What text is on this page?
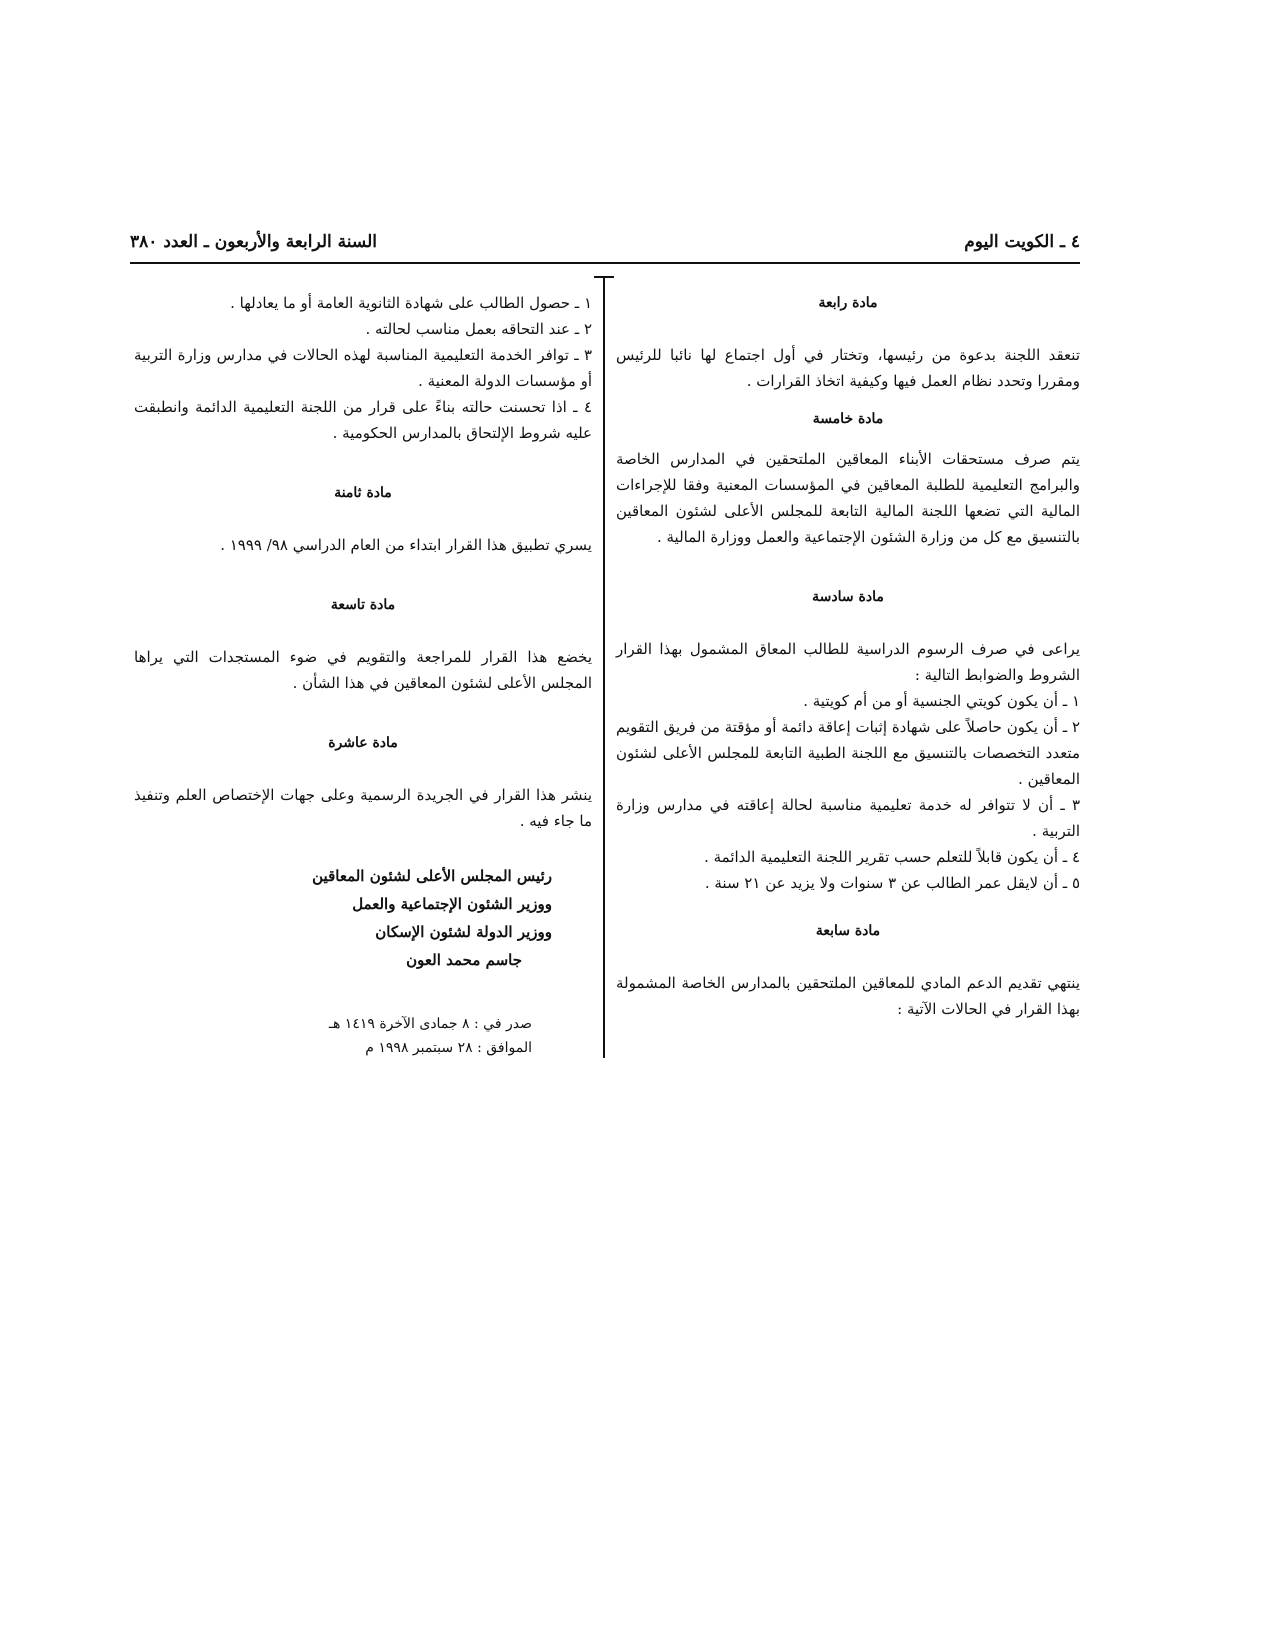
٤ ـ الكويت اليوم
السنة الرابعة والأربعون ـ العدد ٣٨٠
مادة رابعة

تنعقد اللجنة بدعوة من رئيسها، وتختار في أول اجتماع لها نائبا للرئيس ومقررا وتحدد نظام العمل فيها وكيفية اتخاذ القرارات .

مادة خامسة

يتم صرف مستحقات الأبناء المعاقين الملتحقين في المدارس الخاصة والبرامج التعليمية للطلبة المعاقين في المؤسسات المعنية وفقا للإجراءات المالية التي تضعها اللجنة المالية التابعة للمجلس الأعلى لشئون المعاقين بالتنسيق مع كل من وزارة الشئون الإجتماعية والعمل ووزارة المالية .

مادة سادسة

يراعى في صرف الرسوم الدراسية للطالب المعاق المشمول بهذا القرار الشروط والضوابط التالية :

١ ـ أن يكون كويتي الجنسية أو من أم كويتية .

٢ ـ أن يكون حاصلاً على شهادة إثبات إعاقة دائمة أو مؤقتة من فريق التقويم متعدد التخصصات بالتنسيق مع اللجنة الطبية التابعة للمجلس الأعلى لشئون المعاقين .

٣ ـ أن لا تتوافر له خدمة تعليمية مناسبة لحالة إعاقته في مدارس وزارة التربية .

٤ ـ أن يكون قابلاً للتعلم حسب تقرير اللجنة التعليمية الدائمة .

٥ ـ أن لايقل عمر الطالب عن ٣ سنوات ولا يزيد عن ٢١ سنة .

مادة سابعة

ينتهي تقديم الدعم المادي للمعاقين الملتحقين بالمدارس الخاصة المشمولة بهذا القرار في الحالات الآتية :

١ ـ حصول الطالب على شهادة الثانوية العامة أو ما يعادلها .

٢ ـ عند التحاقه بعمل مناسب لحالته .

٣ ـ توافر الخدمة التعليمية المناسبة لهذه الحالات في مدارس وزارة التربية أو مؤسسات الدولة المعنية .

٤ ـ اذا تحسنت حالته بناءً على قرار من اللجنة التعليمية الدائمة وانطبقت عليه شروط الإلتحاق بالمدارس الحكومية .

مادة ثامنة

يسري تطبيق هذا القرار ابتداء من العام الدراسي ٩٨/ ١٩٩٩ .

مادة تاسعة

يخضع هذا القرار للمراجعة والتقويم في ضوء المستجدات التي يراها المجلس الأعلى لشئون المعاقين في هذا الشأن .

مادة عاشرة

ينشر هذا القرار في الجريدة الرسمية وعلى جهات الإختصاص العلم وتنفيذ ما جاء فيه .

رئيس المجلس الأعلى لشئون المعاقين
ووزير الشئون الإجتماعية والعمل
ووزير الدولة لشئون الإسكان
جاسم محمد العون
صدر في : ٨ جمادى الآخرة ١٤١٩ هـ
الموافق : ٢٨ سبتمبر ١٩٩٨ م
